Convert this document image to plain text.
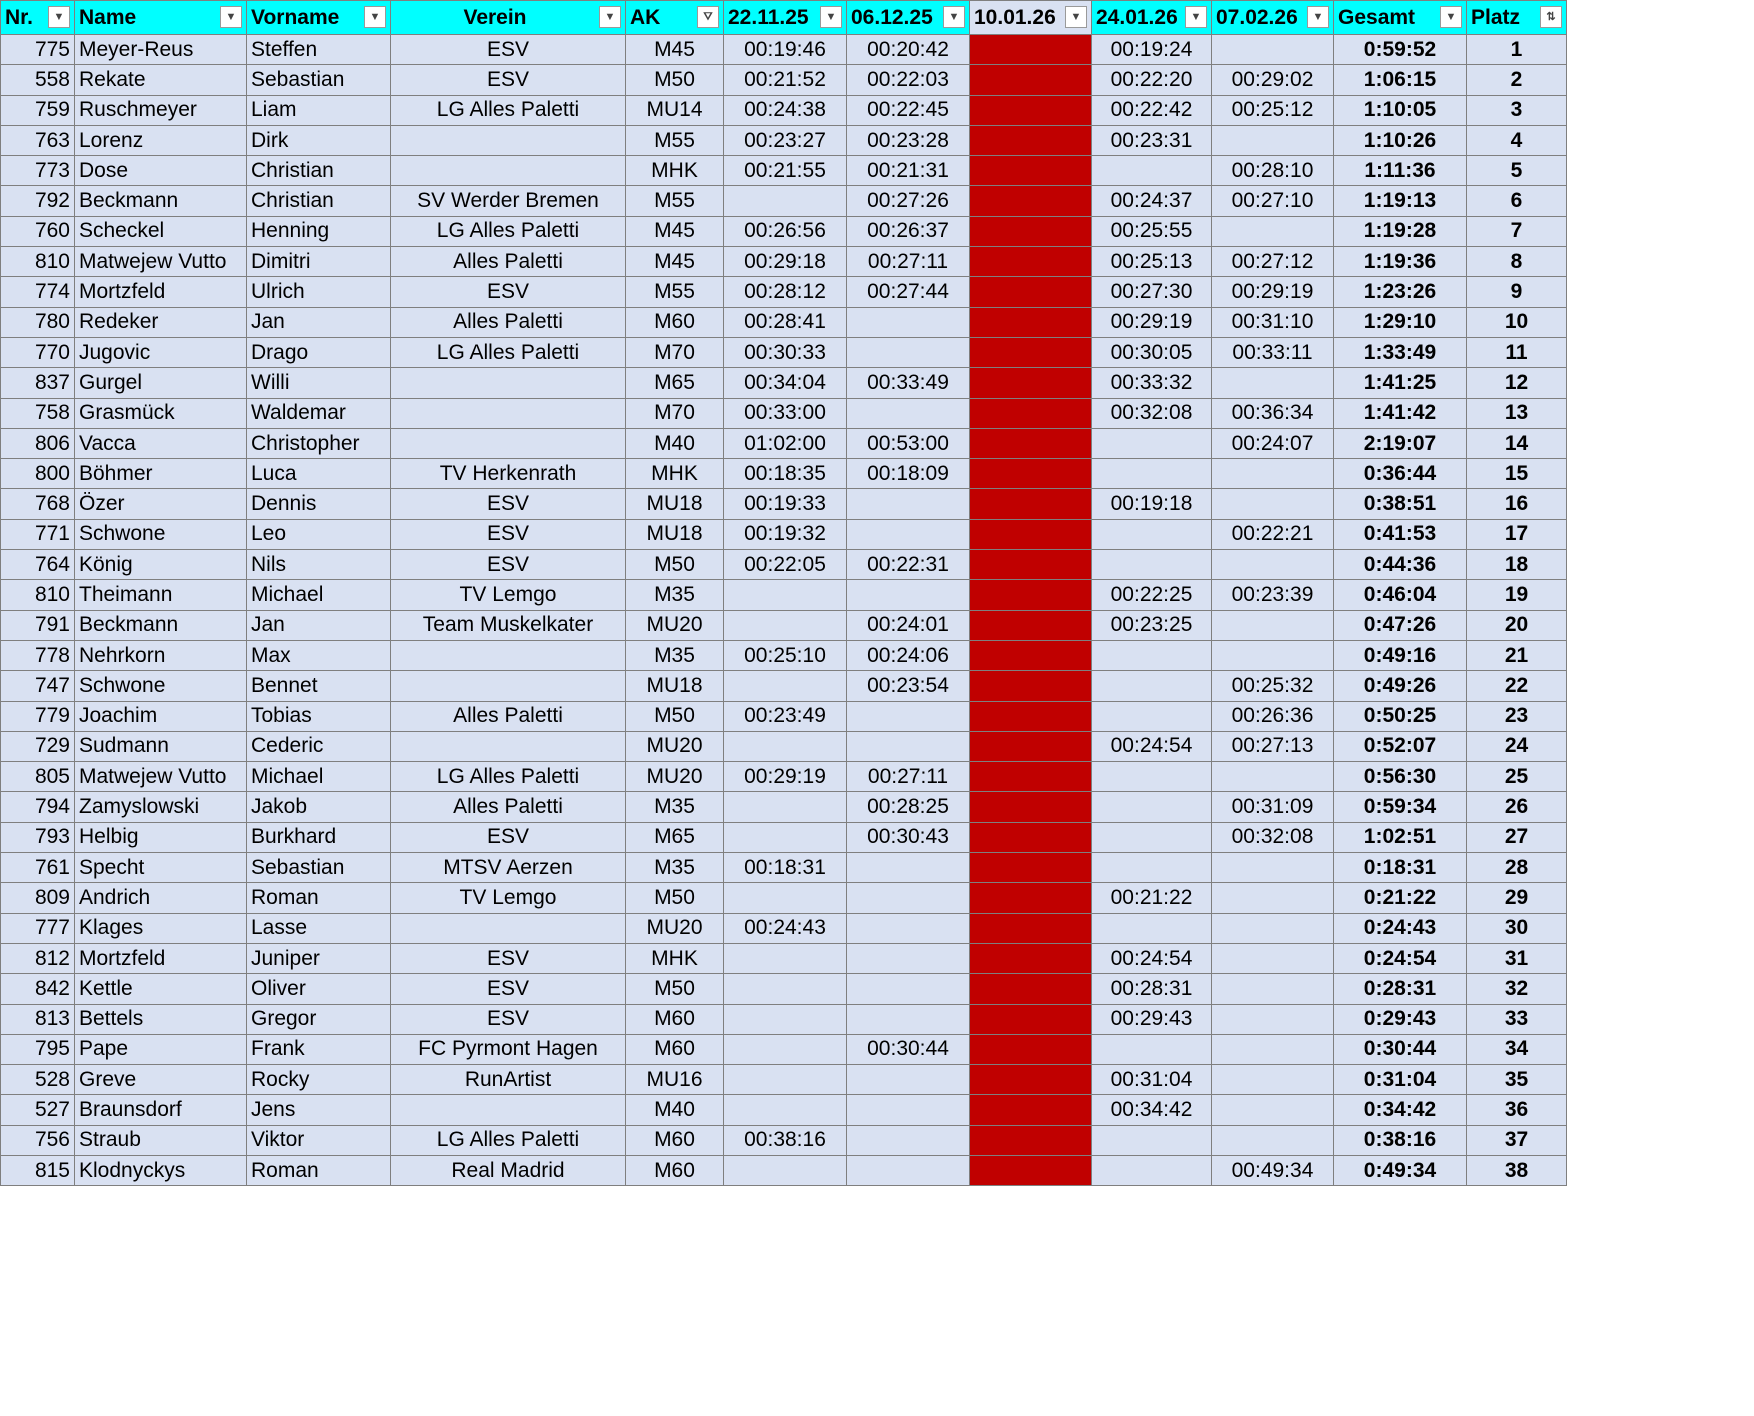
Nr. ▼	Name ▼	Vorname ▼	Verein ▼	AK ⛛	22.11.25 ▼	06.12.25 ▼	10.01.26 ▼	24.01.26 ▼	07.02.26 ▼	Gesamt ▼	Platz ⇅

775	Meyer-Reus	Steffen	ESV	M45	00:19:46	00:20:42		00:19:24		0:59:52	1
558	Rekate	Sebastian	ESV	M50	00:21:52	00:22:03		00:22:20	00:29:02	1:06:15	2
759	Ruschmeyer	Liam	LG Alles Paletti	MU14	00:24:38	00:22:45		00:22:42	00:25:12	1:10:05	3
763	Lorenz	Dirk		M55	00:23:27	00:23:28		00:23:31		1:10:26	4
773	Dose	Christian		MHK	00:21:55	00:21:31			00:28:10	1:11:36	5
792	Beckmann	Christian	SV Werder Bremen	M55		00:27:26		00:24:37	00:27:10	1:19:13	6
760	Scheckel	Henning	LG Alles Paletti	M45	00:26:56	00:26:37		00:25:55		1:19:28	7
810	Matwejew Vutto	Dimitri	Alles Paletti	M45	00:29:18	00:27:11		00:25:13	00:27:12	1:19:36	8
774	Mortzfeld	Ulrich	ESV	M55	00:28:12	00:27:44		00:27:30	00:29:19	1:23:26	9
780	Redeker	Jan	Alles Paletti	M60	00:28:41			00:29:19	00:31:10	1:29:10	10
770	Jugovic	Drago	LG Alles Paletti	M70	00:30:33			00:30:05	00:33:11	1:33:49	11
837	Gurgel	Willi		M65	00:34:04	00:33:49		00:33:32		1:41:25	12
758	Grasmück	Waldemar		M70	00:33:00			00:32:08	00:36:34	1:41:42	13
806	Vacca	Christopher		M40	01:02:00	00:53:00			00:24:07	2:19:07	14
800	Böhmer	Luca	TV Herkenrath	MHK	00:18:35	00:18:09				0:36:44	15
768	Özer	Dennis	ESV	MU18	00:19:33			00:19:18		0:38:51	16
771	Schwone	Leo	ESV	MU18	00:19:32				00:22:21	0:41:53	17
764	König	Nils	ESV	M50	00:22:05	00:22:31				0:44:36	18
810	Theimann	Michael	TV Lemgo	M35				00:22:25	00:23:39	0:46:04	19
791	Beckmann	Jan	Team Muskelkater	MU20		00:24:01		00:23:25		0:47:26	20
778	Nehrkorn	Max		M35	00:25:10	00:24:06				0:49:16	21
747	Schwone	Bennet		MU18		00:23:54			00:25:32	0:49:26	22
779	Joachim	Tobias	Alles Paletti	M50	00:23:49				00:26:36	0:50:25	23
729	Sudmann	Cederic		MU20				00:24:54	00:27:13	0:52:07	24
805	Matwejew Vutto	Michael	LG Alles Paletti	MU20	00:29:19	00:27:11				0:56:30	25
794	Zamyslowski	Jakob	Alles Paletti	M35		00:28:25			00:31:09	0:59:34	26
793	Helbig	Burkhard	ESV	M65		00:30:43			00:32:08	1:02:51	27
761	Specht	Sebastian	MTSV Aerzen	M35	00:18:31					0:18:31	28
809	Andrich	Roman	TV Lemgo	M50				00:21:22		0:21:22	29
777	Klages	Lasse		MU20	00:24:43					0:24:43	30
812	Mortzfeld	Juniper	ESV	MHK				00:24:54		0:24:54	31
842	Kettle	Oliver	ESV	M50				00:28:31		0:28:31	32
813	Bettels	Gregor	ESV	M60				00:29:43		0:29:43	33
795	Pape	Frank	FC Pyrmont Hagen	M60		00:30:44				0:30:44	34
528	Greve	Rocky	RunArtist	MU16				00:31:04		0:31:04	35
527	Braunsdorf	Jens		M40				00:34:42		0:34:42	36
756	Straub	Viktor	LG Alles Paletti	M60	00:38:16					0:38:16	37
815	Klodnyckys	Roman	Real Madrid	M60					00:49:34	0:49:34	38
